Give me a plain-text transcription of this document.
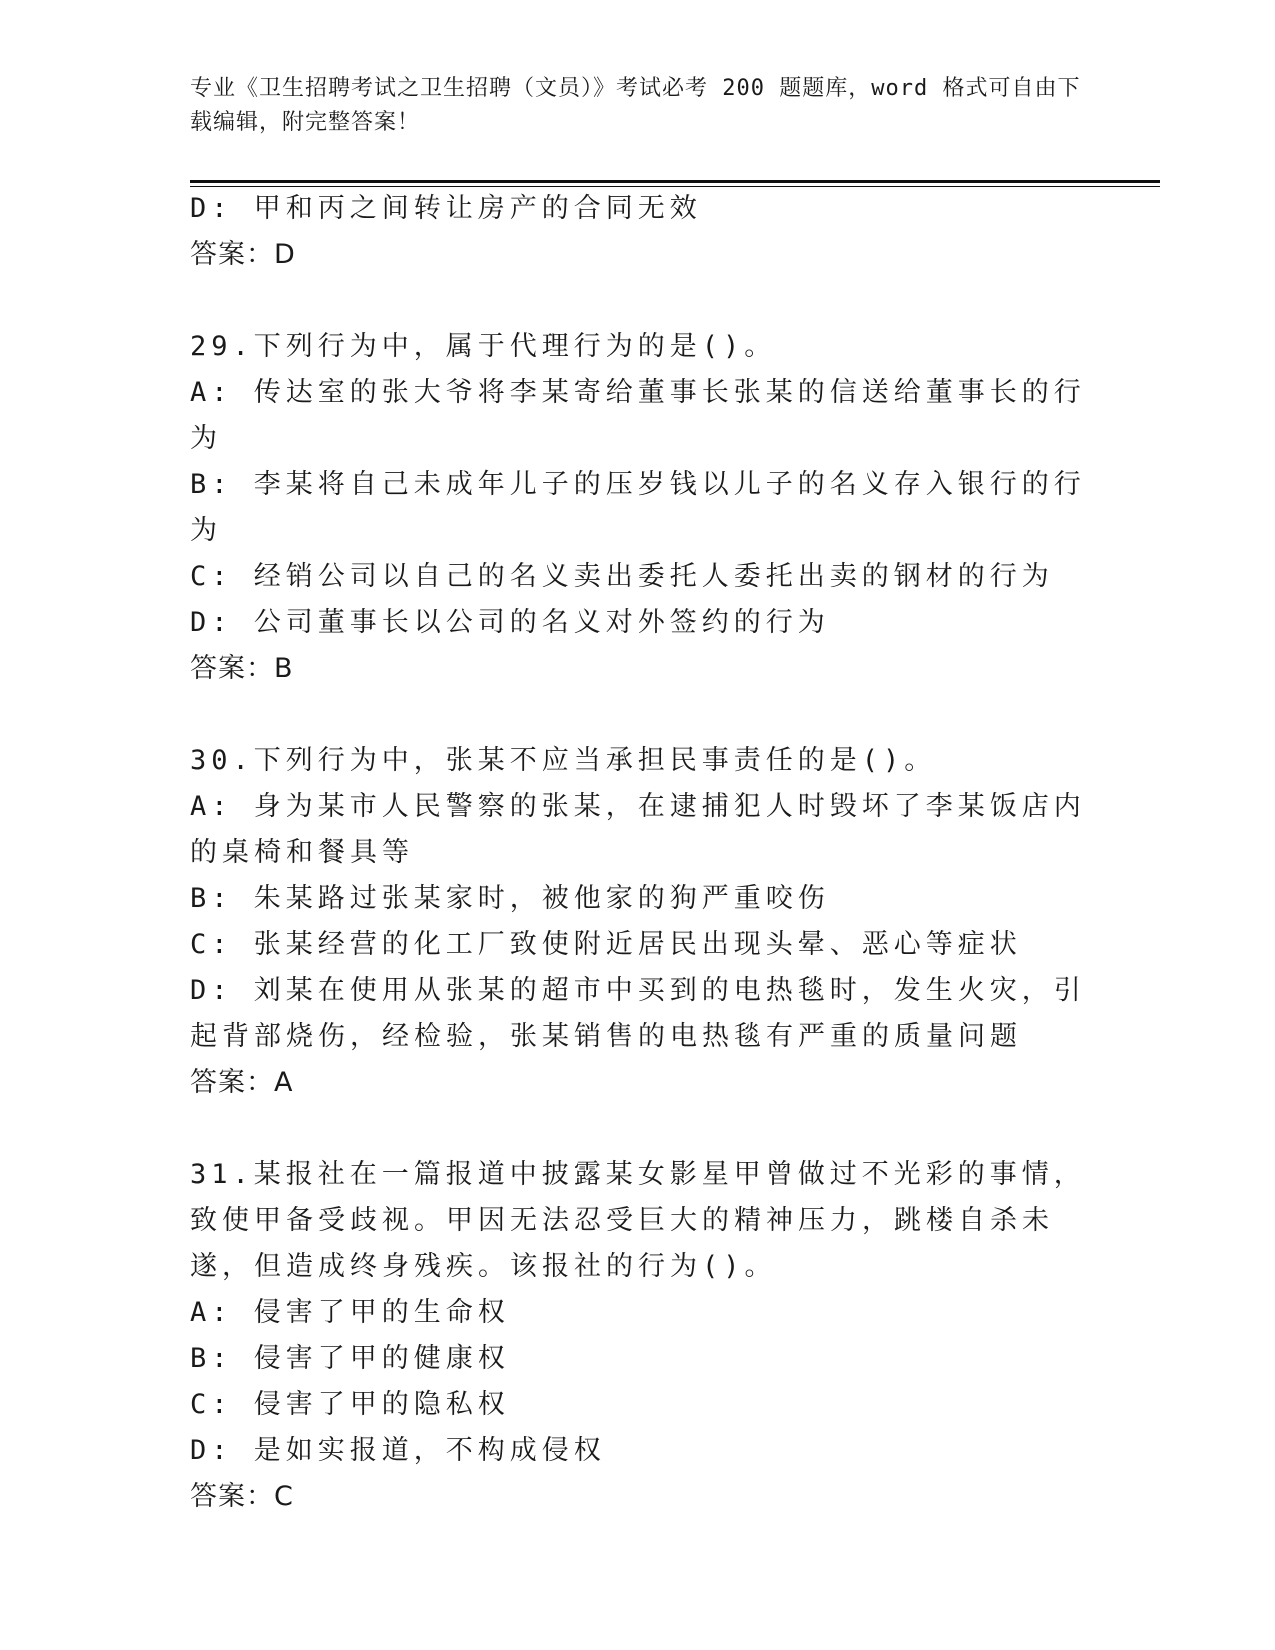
专业《卫生招聘考试之卫生招聘（文员）》考试必考 200 题题库，word 格式可自由下载编辑，附完整答案！
D: 甲和丙之间转让房产的合同无效
答案：D
29.下列行为中，属于代理行为的是()。
A: 传达室的张大爷将李某寄给董事长张某的信送给董事长的行为
B: 李某将自己未成年儿子的压岁钱以儿子的名义存入银行的行为
C: 经销公司以自己的名义卖出委托人委托出卖的钢材的行为
D: 公司董事长以公司的名义对外签约的行为
答案：B
30.下列行为中，张某不应当承担民事责任的是()。
A: 身为某市人民警察的张某，在逮捕犯人时毁坏了李某饭店内的桌椅和餐具等
B: 朱某路过张某家时，被他家的狗严重咬伤
C: 张某经营的化工厂致使附近居民出现头晕、恶心等症状
D: 刘某在使用从张某的超市中买到的电热毯时，发生火灾，引起背部烧伤，经检验，张某销售的电热毯有严重的质量问题
答案：A
31.某报社在一篇报道中披露某女影星甲曾做过不光彩的事情，致使甲备受歧视。甲因无法忍受巨大的精神压力，跳楼自杀未遂，但造成终身残疾。该报社的行为()。
A: 侵害了甲的生命权
B: 侵害了甲的健康权
C: 侵害了甲的隐私权
D: 是如实报道，不构成侵权
答案：C
